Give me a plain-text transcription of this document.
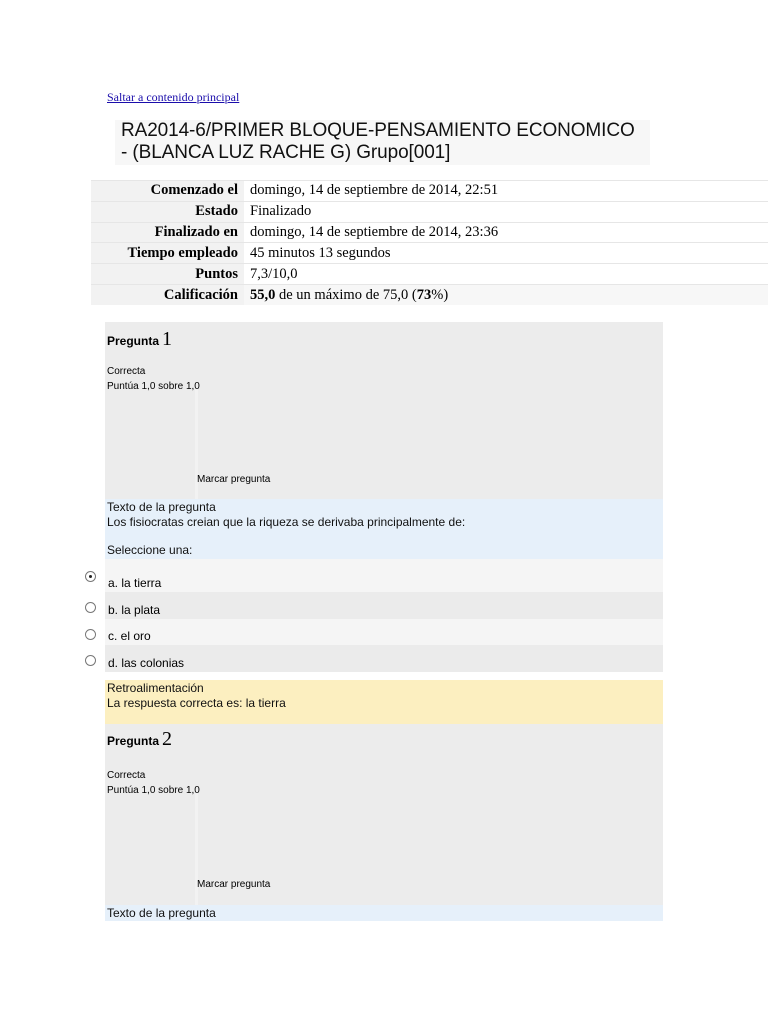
Saltar a contenido principal
RA2014-6/PRIMER BLOQUE-PENSAMIENTO ECONOMICO
- (BLANCA LUZ RACHE G) Grupo[001]
Comenzado el	domingo, 14 de septiembre de 2014, 22:51
Estado	Finalizado
Finalizado en	domingo, 14 de septiembre de 2014, 23:36
Tiempo empleado	45 minutos 13 segundos
Puntos	7,3/10,0
Calificación	55,0 de un máximo de 75,0 (73%)
Pregunta 1
Correcta
Puntúa 1,0 sobre 1,0
Marcar pregunta
Texto de la pregunta
Los fisiocratas creian que la riqueza se derivaba principalmente de:
Seleccione una:
a. la tierra
b. la plata
c. el oro
d. las colonias
Retroalimentación
La respuesta correcta es: la tierra
Pregunta 2
Correcta
Puntúa 1,0 sobre 1,0
Marcar pregunta
Texto de la pregunta
